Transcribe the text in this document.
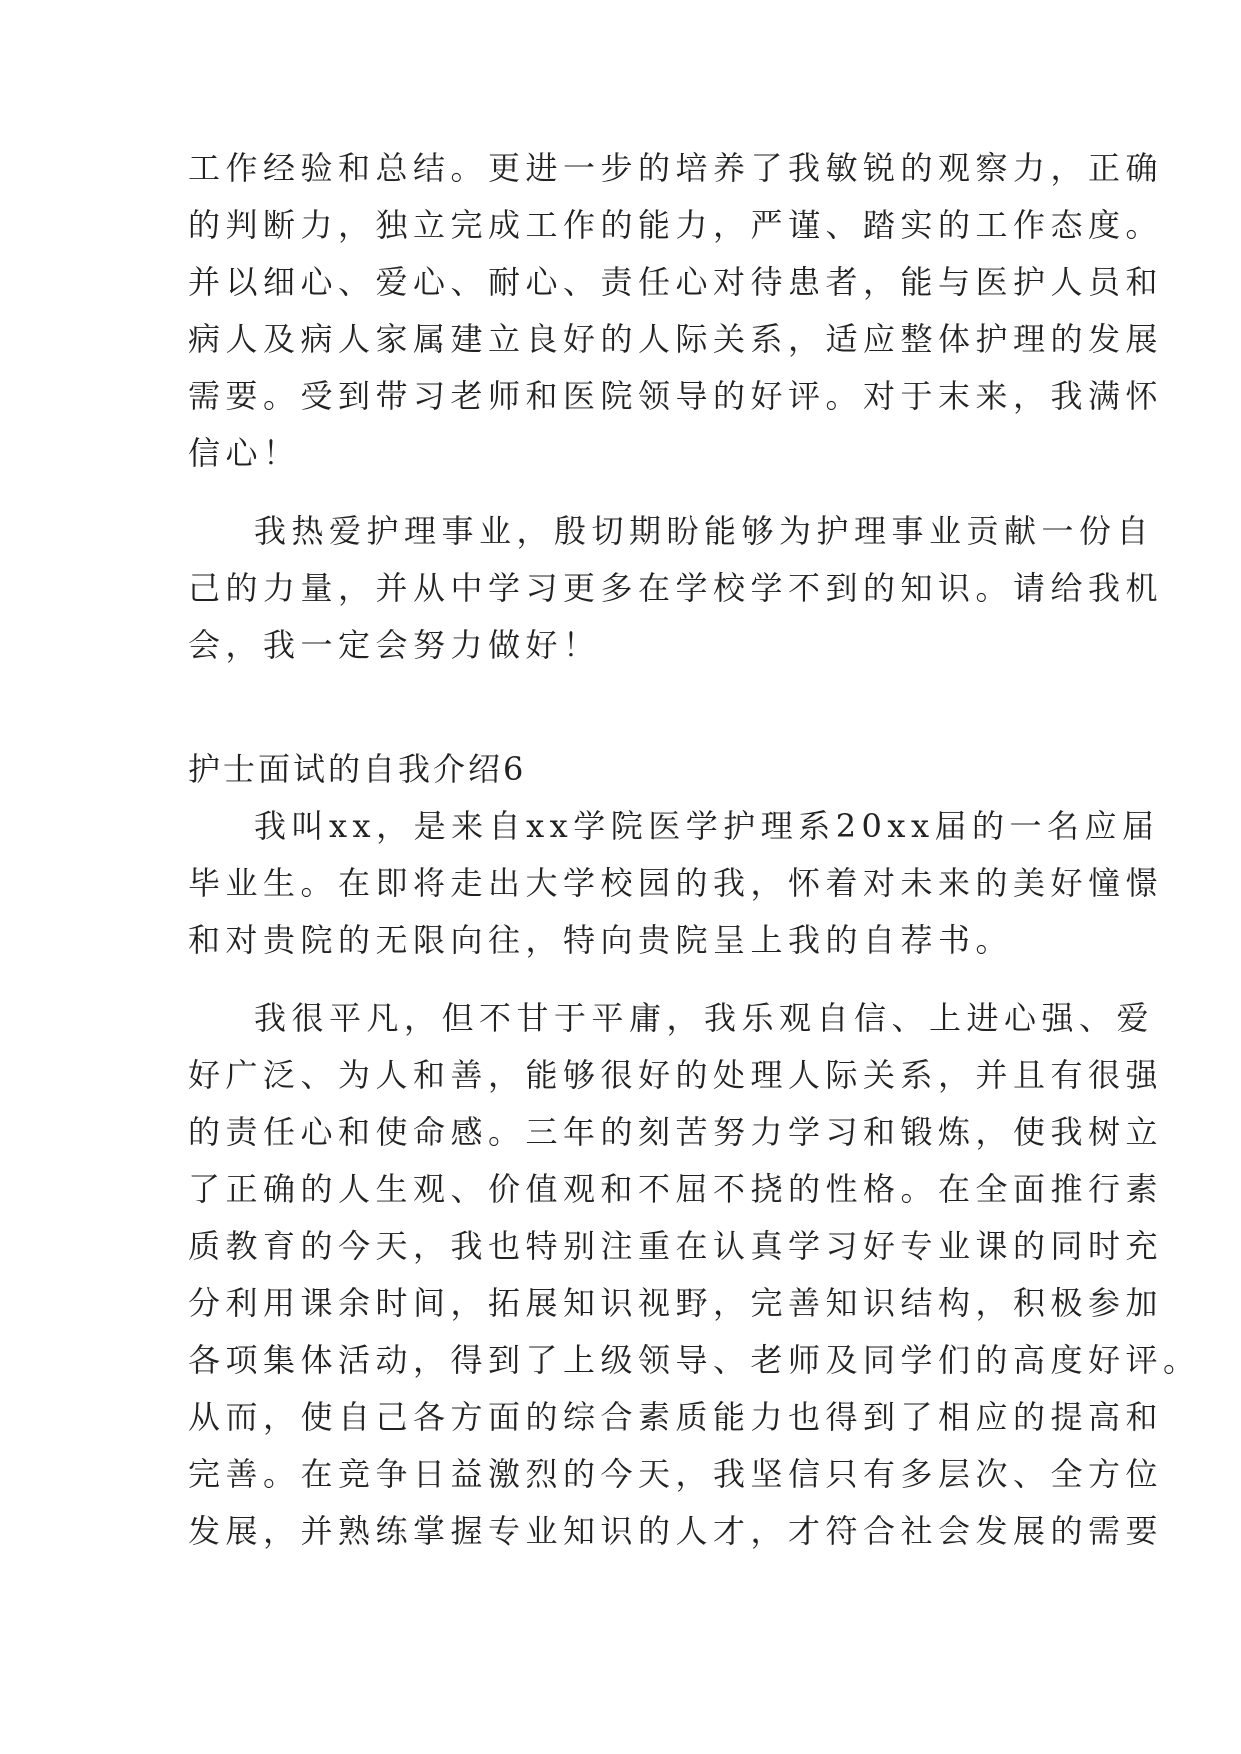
工作经验和总结。更进一步的培养了我敏锐的观察力，正确
的判断力，独立完成工作的能力，严谨、踏实的工作态度。
并以细心、爱心、耐心、责任心对待患者，能与医护人员和
病人及病人家属建立良好的人际关系，适应整体护理的发展
需要。受到带习老师和医院领导的好评。对于末来，我满怀
信心！
我热爱护理事业，殷切期盼能够为护理事业贡献一份自
己的力量，并从中学习更多在学校学不到的知识。请给我机
会，我一定会努力做好！
护士面试的自我介绍6
我叫xx，是来自xx学院医学护理系20xx届的一名应届
毕业生。在即将走出大学校园的我，怀着对未来的美好憧憬
和对贵院的无限向往，特向贵院呈上我的自荐书。
我很平凡，但不甘于平庸，我乐观自信、上进心强、爱
好广泛、为人和善，能够很好的处理人际关系，并且有很强
的责任心和使命感。三年的刻苦努力学习和锻炼，使我树立
了正确的人生观、价值观和不屈不挠的性格。在全面推行素
质教育的今天，我也特别注重在认真学习好专业课的同时充
分利用课余时间，拓展知识视野，完善知识结构，积极参加
各项集体活动，得到了上级领导、老师及同学们的高度好评。
从而，使自己各方面的综合素质能力也得到了相应的提高和
完善。在竞争日益激烈的今天，我坚信只有多层次、全方位
发展，并熟练掌握专业知识的人才，才符合社会发展的需要
